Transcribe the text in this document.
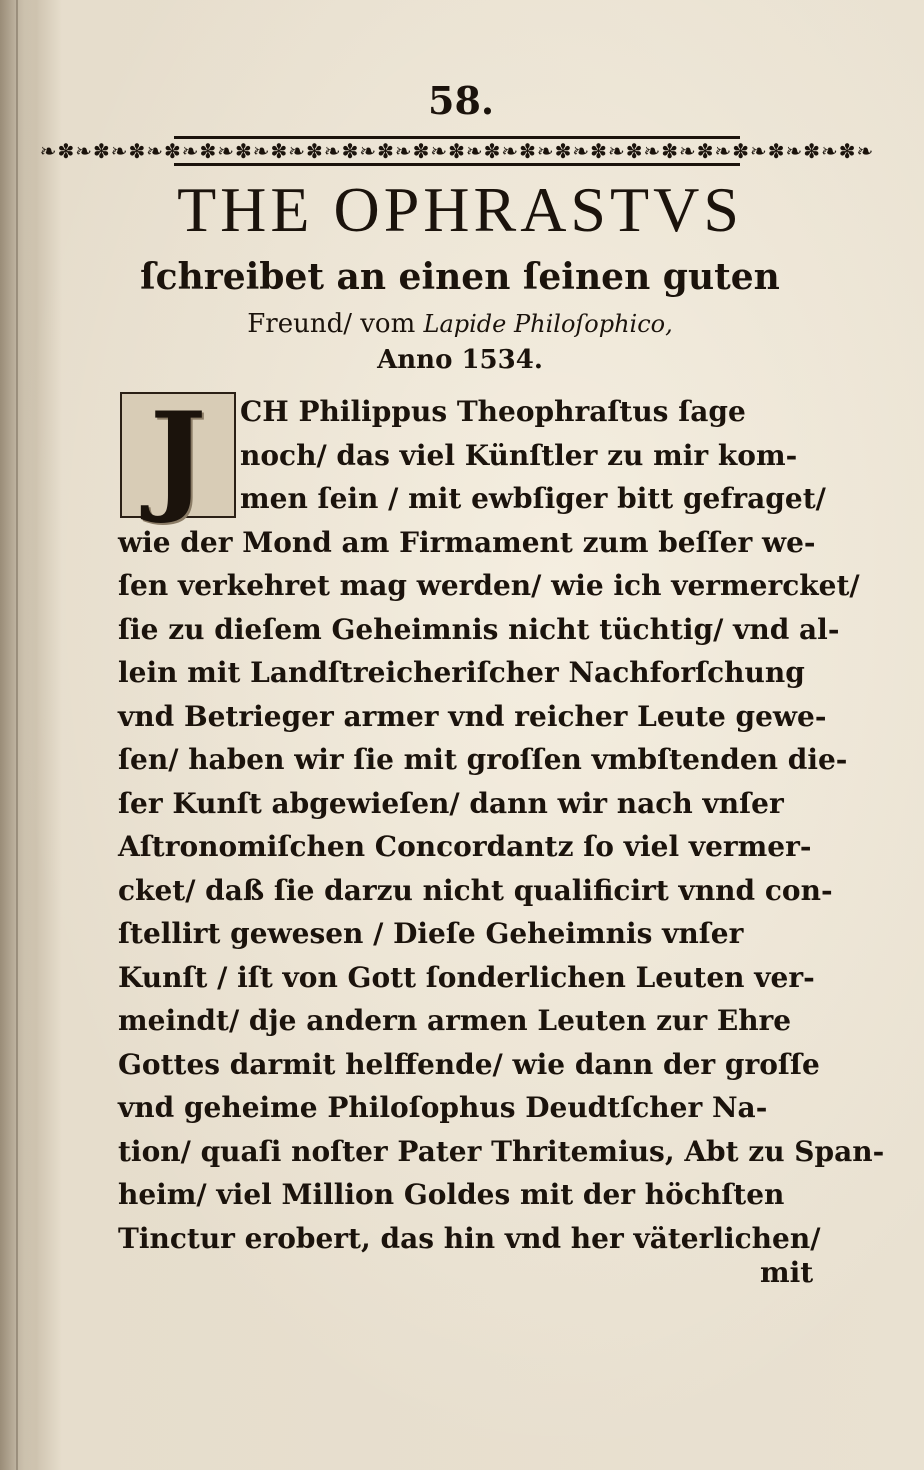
58.
❧✽❧✽❧✽❧✽❧✽❧✽❧✽❧✽❧✽❧✽❧✽❧✽❧✽❧✽❧✽❧✽❧✽❧✽❧✽❧✽❧✽❧✽❧✽❧
THE OPHRASTVS
ſchreibet an einen ſeinen guten
Freund/ vom Lapide Philoſophico,
Anno 1534.
J	CH Philippus Theophraſtus ſage
noch/ das viel Künſtler zu mir kom-
men ſein / mit ewbſiger bitt gefraget/
wie der Mond am Firmament zum beſſer we-
ſen verkehret mag werden/ wie ich vermercket/
ſie zu dieſem Geheimnis nicht tüchtig/ vnd al-
lein mit Landſtreicheriſcher Nachforſchung
vnd Betrieger armer vnd reicher Leute gewe-
ſen/ haben wir ſie mit groſſen vmbſtenden die-
ſer Kunſt abgewieſen/ dann wir nach vnſer
Aſtronomiſchen Concordantz ſo viel vermer-
cket/ daß ſie darzu nicht qualificirt vnnd con-
ſtellirt gewesen / Dieſe Geheimnis vnſer
Kunſt / iſt von Gott ſonderlichen Leuten ver-
meindt/ dje andern armen Leuten zur Ehre
Gottes darmit helffende/ wie dann der groſſe
vnd geheime Philoſophus Deudtſcher Na-
tion/ quaſi noſter Pater Thritemius, Abt zu Span-
heim/ viel Million Goldes mit der höchſten
Tinctur erobert, das hin vnd her väterlichen/
mit
